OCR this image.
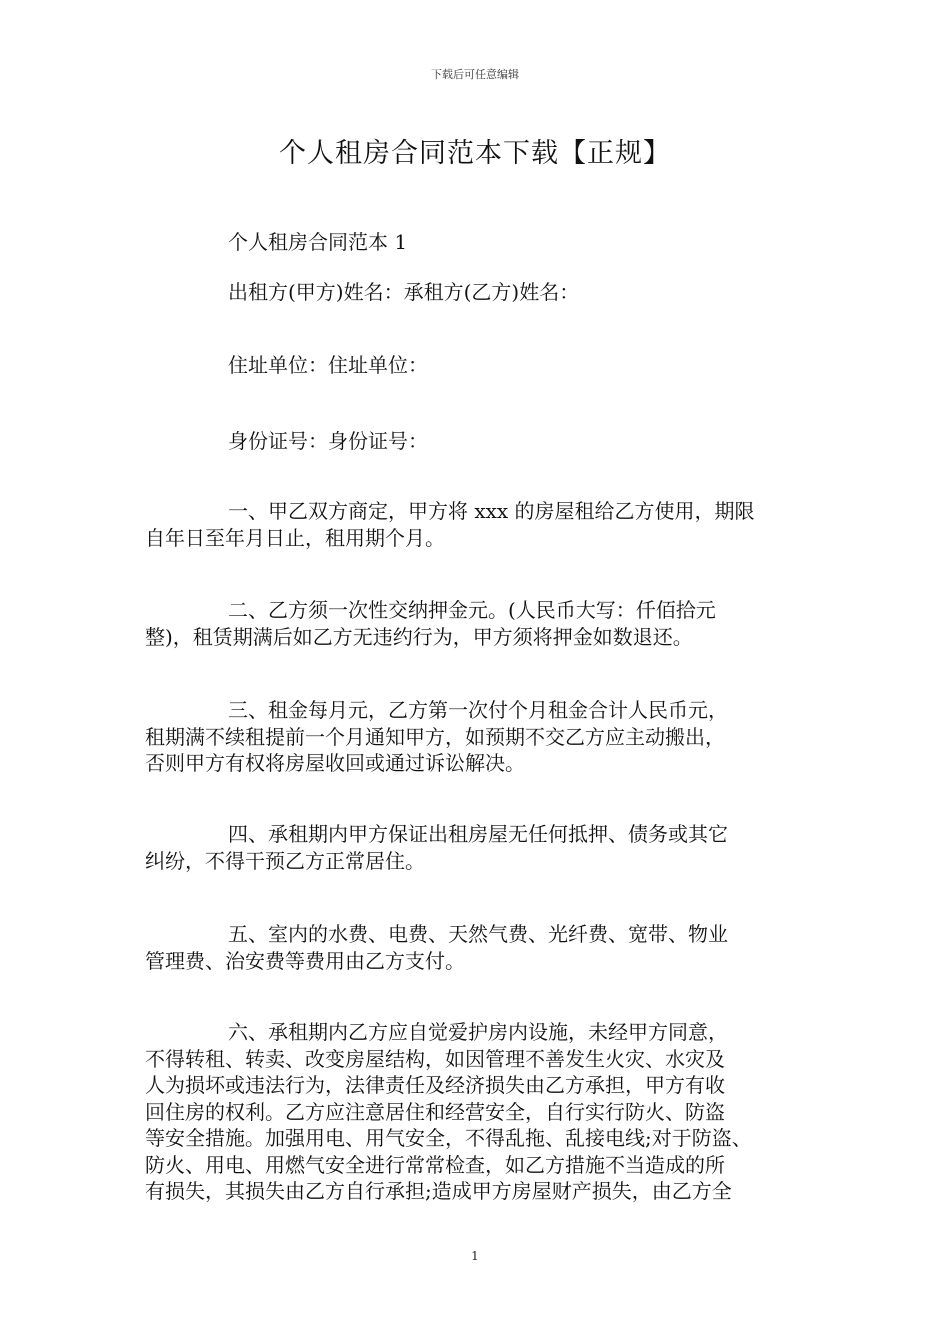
下载后可任意编辑
个人租房合同范本下载【正规】
个人租房合同范本 1
出租方(甲方)姓名：承租方(乙方)姓名：
住址单位：住址单位：
身份证号：身份证号：
一、甲乙双方商定，甲方将 xxx 的房屋租给乙方使用，期限
自年日至年月日止，租用期个月。
二、乙方须一次性交纳押金元。(人民币大写：仟佰拾元
整)，租赁期满后如乙方无违约行为，甲方须将押金如数退还。
三、租金每月元，乙方第一次付个月租金合计人民币元，
租期满不续租提前一个月通知甲方，如预期不交乙方应主动搬出，
否则甲方有权将房屋收回或通过诉讼解决。
四、承租期内甲方保证出租房屋无任何抵押、债务或其它
纠纷，不得干预乙方正常居住。
五、室内的水费、电费、天然气费、光纤费、宽带、物业
管理费、治安费等费用由乙方支付。
六、承租期内乙方应自觉爱护房内设施，未经甲方同意，
不得转租、转卖、改变房屋结构，如因管理不善发生火灾、水灾及
人为损坏或违法行为，法律责任及经济损失由乙方承担，甲方有收
回住房的权利。乙方应注意居住和经营安全，自行实行防火、防盗
等安全措施。加强用电、用气安全，不得乱拖、乱接电线;对于防盗、
防火、用电、用燃气安全进行常常检查，如乙方措施不当造成的所
有损失，其损失由乙方自行承担;造成甲方房屋财产损失，由乙方全
1
